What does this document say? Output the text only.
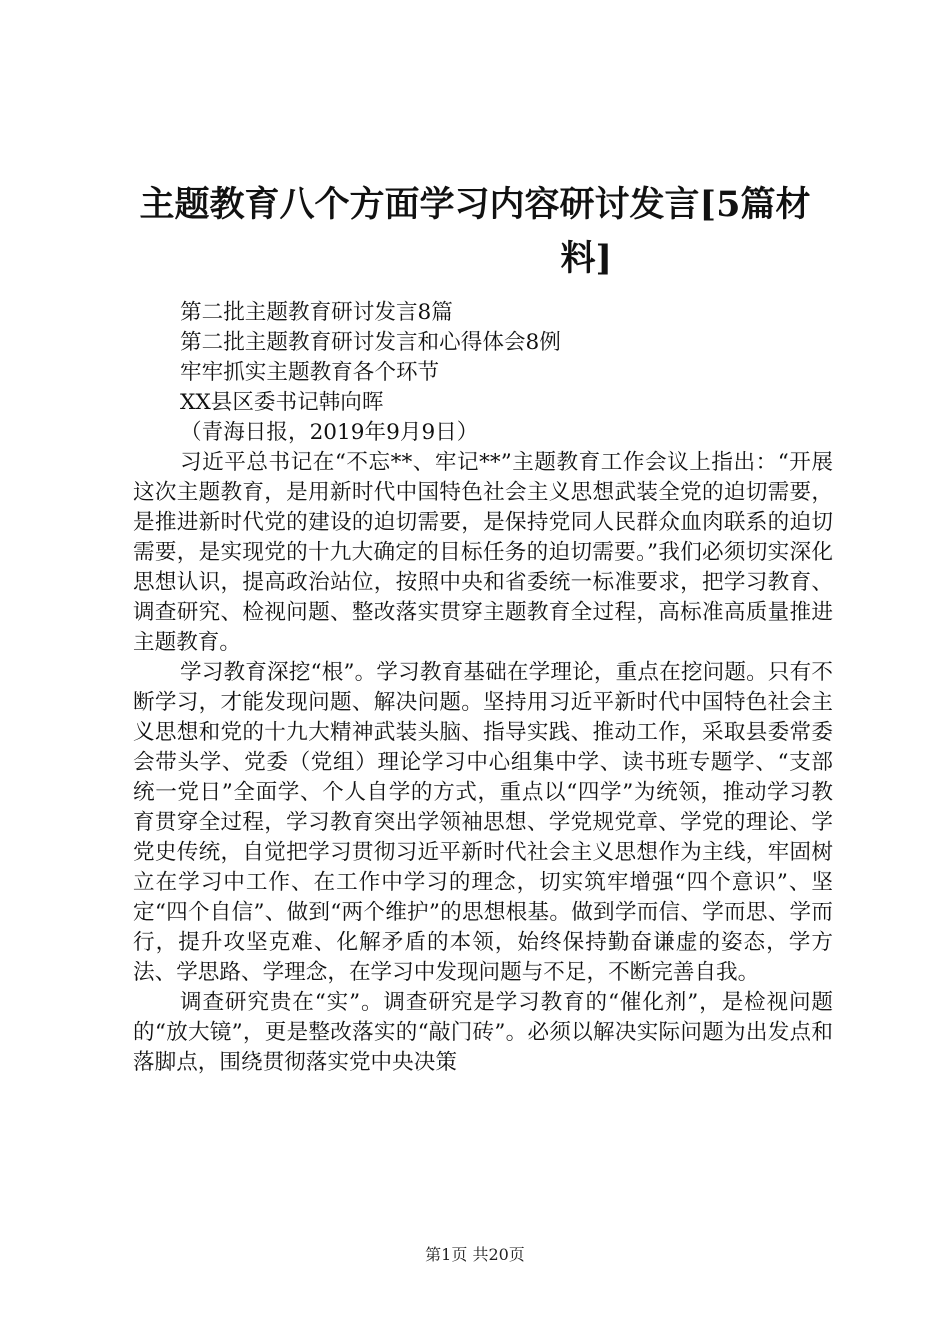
主题教育八个方面学习内容研讨发言[5篇材
料]

第二批主题教育研讨发言8篇

第二批主题教育研讨发言和心得体会8例

牢牢抓实主题教育各个环节

XX县区委书记韩向晖

（青海日报，2019年9月9日）

习近平总书记在“不忘**、牢记**”主题教育工作会议上指出：“开展这次主题教育，是用新时代中国特色社会主义思想武装全党的迫切需要，是推进新时代党的建设的迫切需要，是保持党同人民群众血肉联系的迫切需要，是实现党的十九大确定的目标任务的迫切需要。”我们必须切实深化思想认识，提高政治站位，按照中央和省委统一标准要求，把学习教育、调查研究、检视问题、整改落实贯穿主题教育全过程，高标准高质量推进主题教育。

学习教育深挖“根”。学习教育基础在学理论，重点在挖问题。只有不断学习，才能发现问题、解决问题。坚持用习近平新时代中国特色社会主义思想和党的十九大精神武装头脑、指导实践、推动工作，采取县委常委会带头学、党委（党组）理论学习中心组集中学、读书班专题学、“支部统一党日”全面学、个人自学的方式，重点以“四学”为统领，推动学习教育贯穿全过程，学习教育突出学领袖思想、学党规党章、学党的理论、学党史传统，自觉把学习贯彻习近平新时代社会主义思想作为主线，牢固树立在学习中工作、在工作中学习的理念，切实筑牢增强“四个意识”、坚定“四个自信”、做到“两个维护”的思想根基。做到学而信、学而思、学而行，提升攻坚克难、化解矛盾的本领，始终保持勤奋谦虚的姿态，学方法、学思路、学理念，在学习中发现问题与不足，不断完善自我。

调查研究贵在“实”。调查研究是学习教育的“催化剂”，是检视问题的“放大镜”，更是整改落实的“敲门砖”。必须以解决实际问题为出发点和落脚点，围绕贯彻落实党中央决策

第1页 共20页
